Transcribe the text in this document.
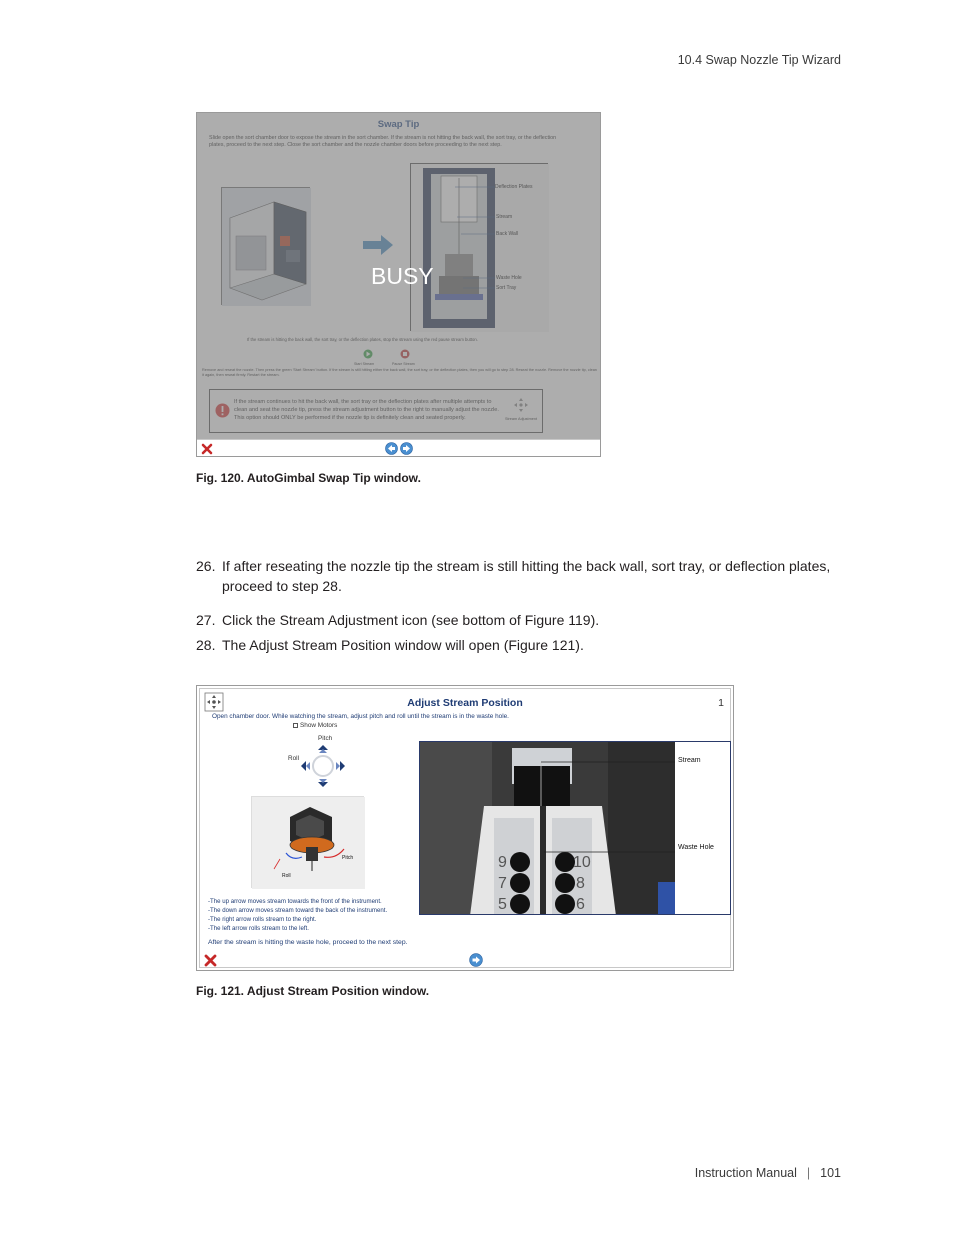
10.4 Swap Nozzle Tip Wizard
BUSY
Fig. 120. AutoGimbal Swap Tip window.
26. If after reseating the nozzle tip the stream is still hitting the back wall, sort tray, or deflection plates, proceed to step 28.
27. Click the Stream Adjustment icon (see bottom of Figure 119).
28. The Adjust Stream Position window will open (Figure 121).
Adjust Stream Position	1
Open chamber door. While watching the stream, adjust pitch and roll until the stream is in the waste hole.
Show Motors
Pitch
Roll
Pitch
Roll
-The up arrow moves stream towards the front of the instrument.
-The down arrow moves stream toward the back of the instrument.
-The right arrow rolls stream to the right.
-The left arrow rolls stream to the left.
After the stream is hitting the waste hole, proceed to the next step.
9
7
5
10
8
6
Stream
Waste Hole
Fig. 121. Adjust Stream Position window.
Instruction Manual | 101
